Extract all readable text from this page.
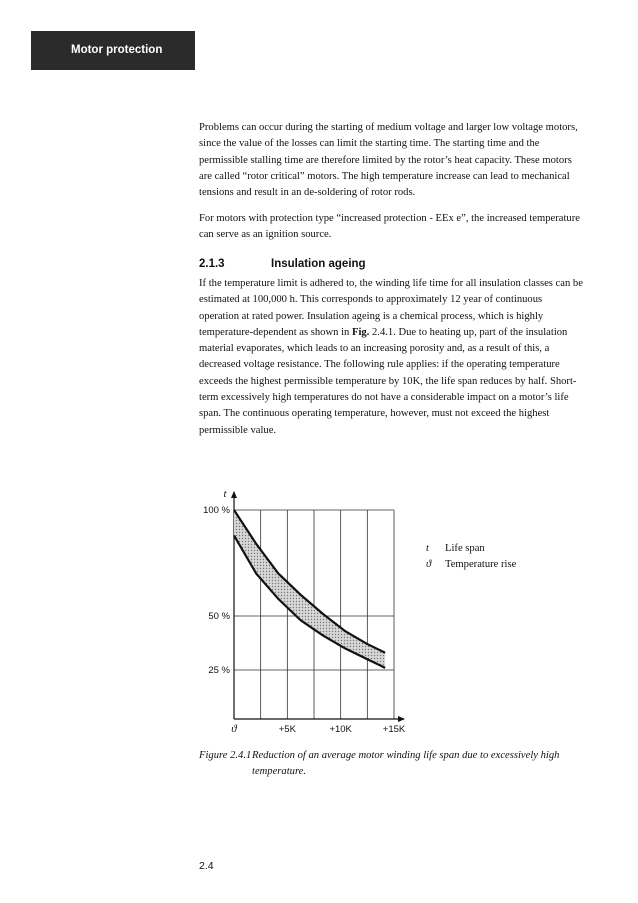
Motor protection

Problems can occur during the starting of medium voltage and larger low voltage motors, since the value of the losses can limit the starting time. The starting time and the permissible stalling time are therefore limited by the rotor’s heat capacity. These motors are called “rotor critical” motors. The high temperature increase can lead to mechanical tensions and result in an de-soldering of rotor rods.

For motors with protection type “increased protection - EEx e”, the increased temperature can serve as an ignition source.

2.1.3	Insulation ageing

If the temperature limit is adhered to, the winding life time for all insulation classes can be estimated at 100,000 h. This corresponds to approximately 12 year of continuous operation at rated power. Insulation ageing is a chemical process, which is highly temperature-dependent as shown in Fig. 2.4.1. Due to heating up, part of the insulation material evaporates, which leads to an increasing porosity and, as a result of this, a decreased voltage resistance. The following rule applies: if the operating temperature exceeds the highest permissible temperature by 10K, the life span reduces by half. Short-term excessively high temperatures do not have a considerable impact on a motor’s life span. The continuous operating temperature, however, must not exceed the highest permissible value.

100 %
50 %
25 %
+5K	+10K	+15K
t
ϑ
t Life span
ϑ Temperature rise
Figure 2.4.1 Reduction of an average motor winding life span due to excessively high temperature.
2.4
